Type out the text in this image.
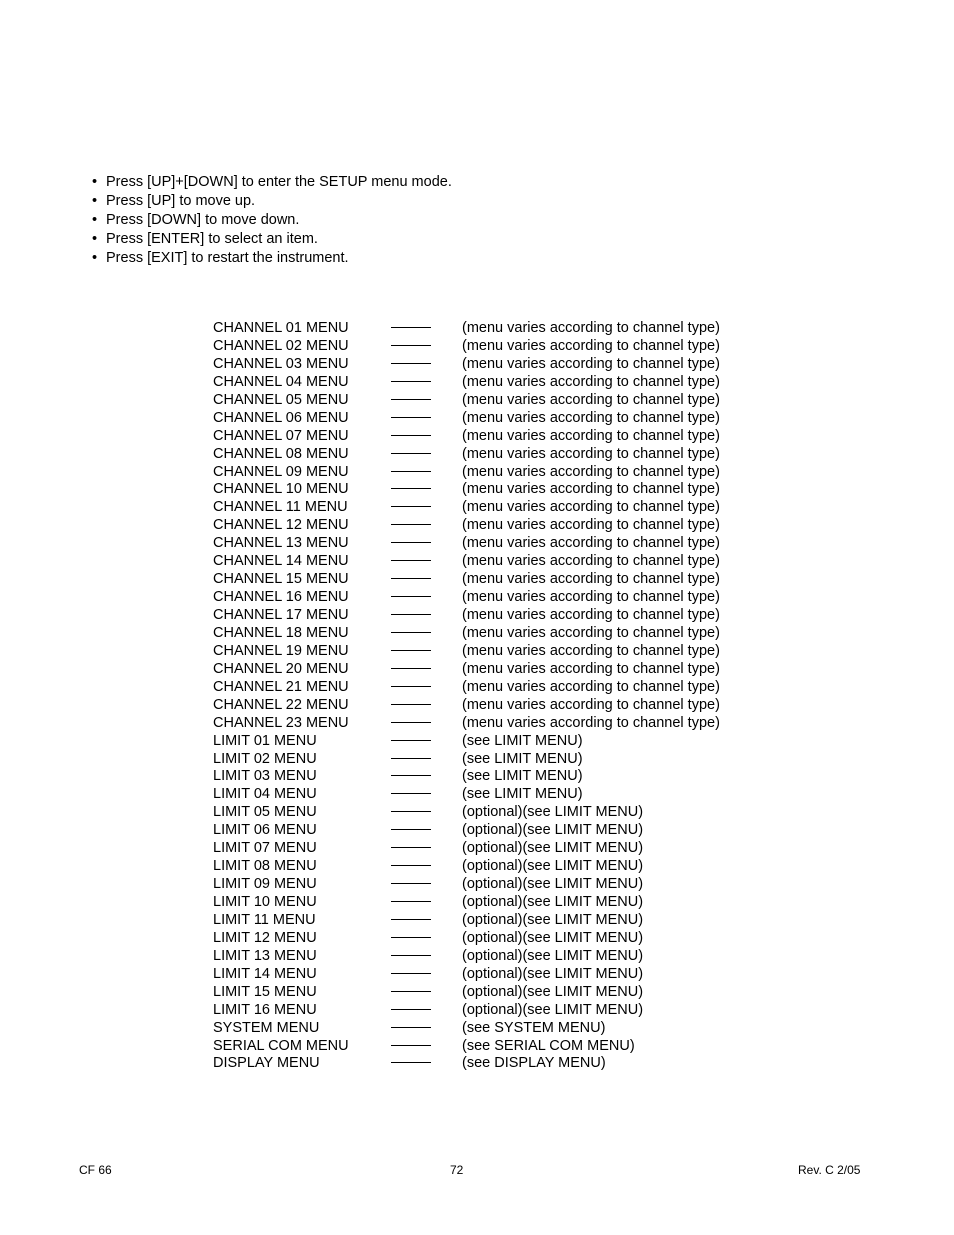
• Press [UP]+[DOWN] to enter the SETUP menu mode.
• Press [UP] to move up.
• Press [DOWN] to move down.
• Press [ENTER] to select an item.
• Press [EXIT] to restart the instrument.
CHANNEL 01 MENU	(menu varies according to channel type)
CHANNEL 02 MENU	(menu varies according to channel type)
CHANNEL 03 MENU	(menu varies according to channel type)
CHANNEL 04 MENU	(menu varies according to channel type)
CHANNEL 05 MENU	(menu varies according to channel type)
CHANNEL 06 MENU	(menu varies according to channel type)
CHANNEL 07 MENU	(menu varies according to channel type)
CHANNEL 08 MENU	(menu varies according to channel type)
CHANNEL 09 MENU	(menu varies according to channel type)
CHANNEL 10 MENU	(menu varies according to channel type)
CHANNEL 11 MENU	(menu varies according to channel type)
CHANNEL 12 MENU	(menu varies according to channel type)
CHANNEL 13 MENU	(menu varies according to channel type)
CHANNEL 14 MENU	(menu varies according to channel type)
CHANNEL 15 MENU	(menu varies according to channel type)
CHANNEL 16 MENU	(menu varies according to channel type)
CHANNEL 17 MENU	(menu varies according to channel type)
CHANNEL 18 MENU	(menu varies according to channel type)
CHANNEL 19 MENU	(menu varies according to channel type)
CHANNEL 20 MENU	(menu varies according to channel type)
CHANNEL 21 MENU	(menu varies according to channel type)
CHANNEL 22 MENU	(menu varies according to channel type)
CHANNEL 23 MENU	(menu varies according to channel type)
LIMIT 01 MENU	(see LIMIT MENU)
LIMIT 02 MENU	(see LIMIT MENU)
LIMIT 03 MENU	(see LIMIT MENU)
LIMIT 04 MENU	(see LIMIT MENU)
LIMIT 05 MENU	(optional)(see LIMIT MENU)
LIMIT 06 MENU	(optional)(see LIMIT MENU)
LIMIT 07 MENU	(optional)(see LIMIT MENU)
LIMIT 08 MENU	(optional)(see LIMIT MENU)
LIMIT 09 MENU	(optional)(see LIMIT MENU)
LIMIT 10 MENU	(optional)(see LIMIT MENU)
LIMIT 11 MENU	(optional)(see LIMIT MENU)
LIMIT 12 MENU	(optional)(see LIMIT MENU)
LIMIT 13 MENU	(optional)(see LIMIT MENU)
LIMIT 14 MENU	(optional)(see LIMIT MENU)
LIMIT 15 MENU	(optional)(see LIMIT MENU)
LIMIT 16 MENU	(optional)(see LIMIT MENU)
SYSTEM MENU	(see SYSTEM MENU)
SERIAL COM MENU	(see SERIAL COM MENU)
DISPLAY MENU	(see DISPLAY MENU)
CF 66	72	Rev. C 2/05
